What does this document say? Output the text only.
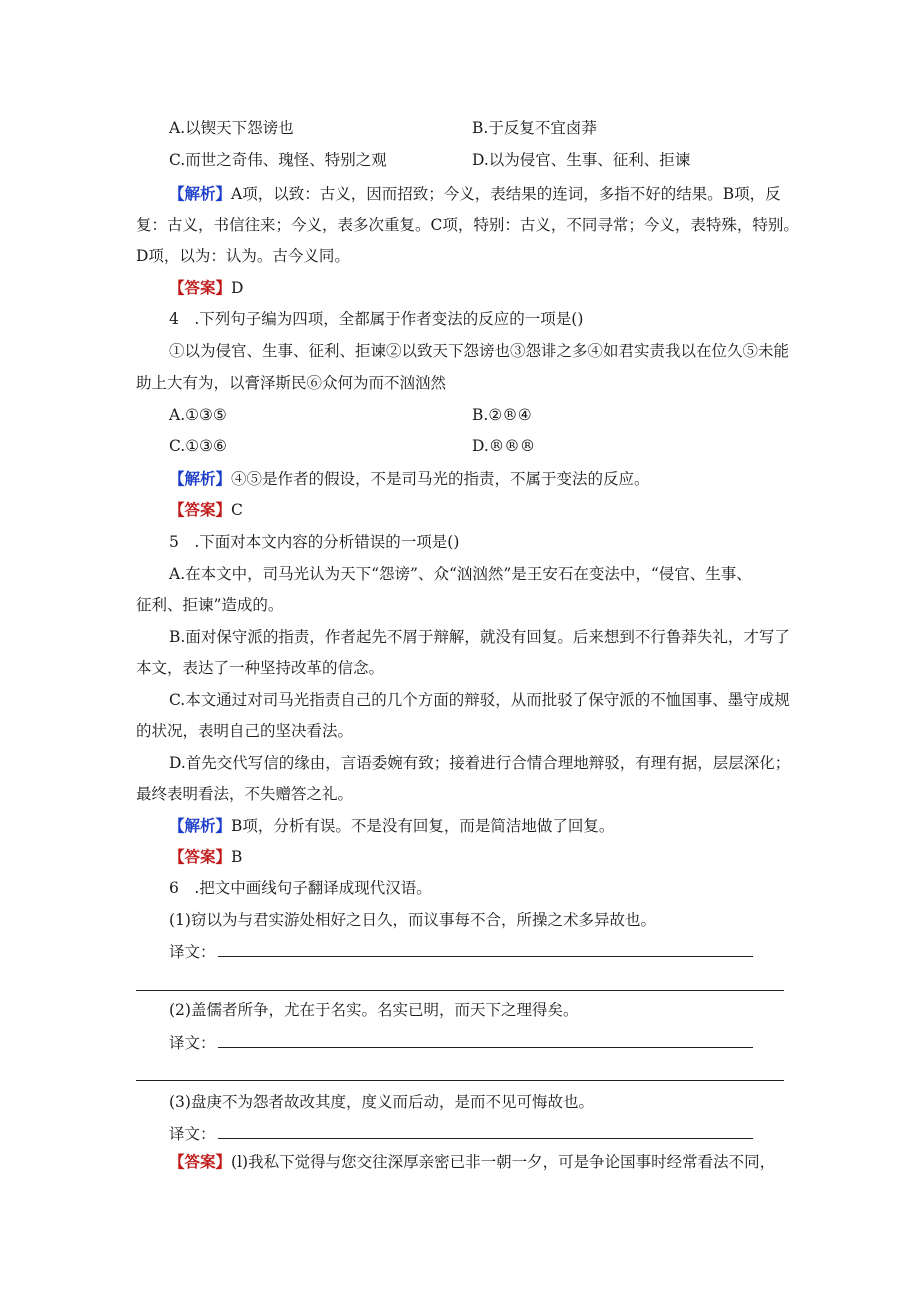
A.以锲天下怨谤也	B.于反复不宜卤莽
C.而世之奇伟、瑰怪、特别之观	D.以为侵官、生事、征利、拒谏
【解析】A项，以致：古义，因而招致；今义，表结果的连词，多指不好的结果。B项，反
复：古义，书信往来；今义，表多次重复。C项，特别：古义，不同寻常；今义，表特殊，特别。
D项，以为：认为。古今义同。
【答案】D
4　.下列句子编为四项，全都属于作者变法的反应的一项是()
①以为侵官、生事、征利、拒谏②以致天下怨谤也③怨诽之多④如君实责我以在位久⑤未能
助上大有为，以膏泽斯民⑥众何为而不汹汹然
A.①③⑤	B.②®④
C.①③⑥	D.®®®
【解析】④⑤是作者的假设，不是司马光的指责，不属于变法的反应。
【答案】C
5　.下面对本文内容的分析错误的一项是()
A.在本文中，司马光认为天下“怨谤”、众“汹汹然”是王安石在变法中，“侵官、生事、
征利、拒谏”造成的。
B.面对保守派的指责，作者起先不屑于辩解，就没有回复。后来想到不行鲁莽失礼，才写了
本文，表达了一种坚持改革的信念。
C.本文通过对司马光指责自己的几个方面的辩驳，从而批驳了保守派的不恤国事、墨守成规
的状况，表明自己的坚决看法。
D.首先交代写信的缘由，言语委婉有致；接着进行合情合理地辩驳，有理有据，层层深化；
最终表明看法，不失赠答之礼。
【解析】B项，分析有误。不是没有回复，而是简洁地做了回复。
【答案】B
6　.把文中画线句子翻译成现代汉语。
(1)窃以为与君实游处相好之日久，而议事每不合，所操之术多异故也。
译文：
(2)盖儒者所争，尤在于名实。名实已明，而天下之理得矣。
译文：
(3)盘庚不为怨者故改其度，度义而后动，是而不见可悔故也。
译文：
【答案】(l)我私下觉得与您交往深厚亲密已非一朝一夕，可是争论国事时经常看法不同，
